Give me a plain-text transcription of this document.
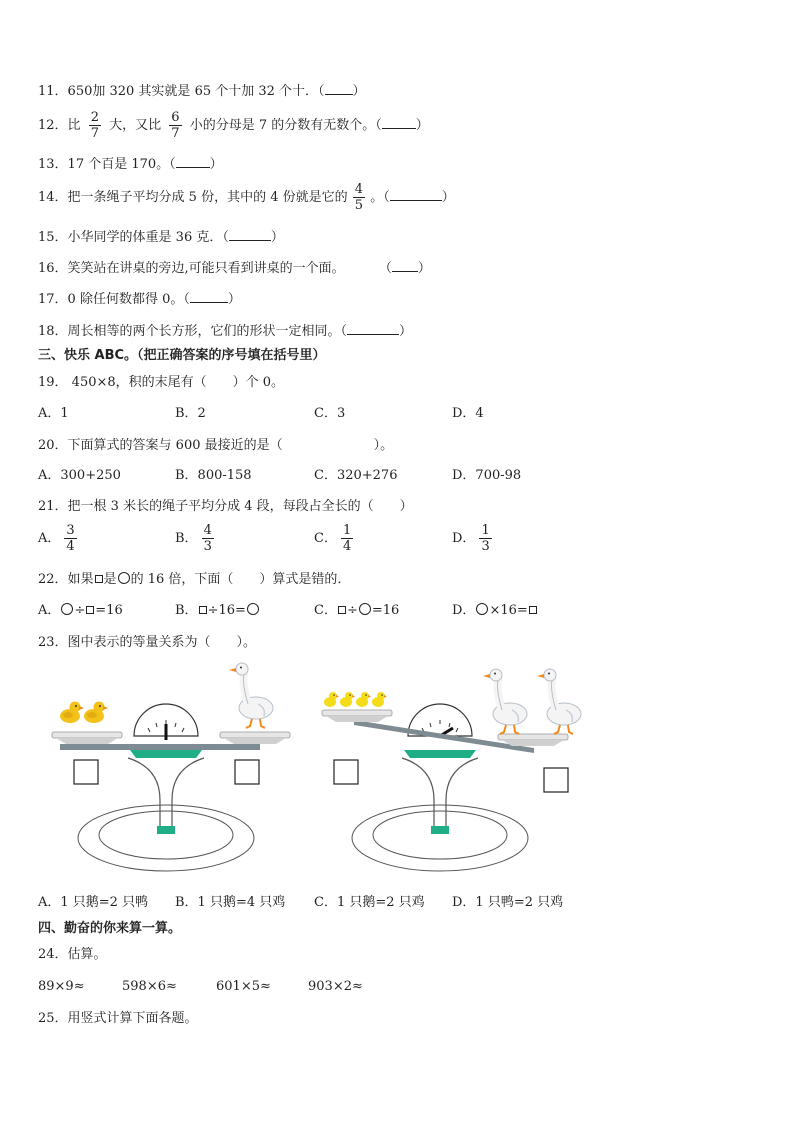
11．650加 320 其实就是 65 个十加 32 个十．（ ）
12．比 $\frac{2}{7}$ 大，又比 $\frac{6}{7}$ 小的分母是 7 的分数有无数个。（	）
13．17 个百是 170。（	）
14．把一条绳子平均分成 5 份，其中的 4 份就是它的 $\frac{4}{5}$ 。（	）
15．小华同学的体重是 36 克．（	）
16．笑笑站在讲桌的旁边,可能只看到讲桌的一个面。	（ ）
17．0 除任何数都得 0。（	）
18．周长相等的两个长方形，它们的形状一定相同。（	）
三、快乐 ABC。（把正确答案的序号填在括号里）
19． 450×8，积的末尾有（　　）个 0。
A．1	B．2	C．3	D．4
20．下面算式的答案与 600 最接近的是（　　　　　　　）。
A．300+250	B．800-158	C．320+276	D．700-98
21．把一根 3 米长的绳子平均分成 4 段，每段占全长的（　　）
A． $\frac{3}{4}$	B． $\frac{4}{3}$	C． $\frac{1}{4}$	D． $\frac{1}{3}$
22．如果 是 的 16 倍，下面（　　）算式是错的．
A． ÷ =16	B． ÷16=	C． ÷ =16	D． ×16=
23．图中表示的等量关系为（　　）。
A．1 只鹅=2 只鸭 B．1 只鹅=4 只鸡 C．1 只鹅=2 只鸡 D．1 只鸭=2 只鸡
四、勤奋的你来算一算。
24．估算。
89×9≈	598×6≈	601×5≈	903×2≈
25．用竖式计算下面各题。
